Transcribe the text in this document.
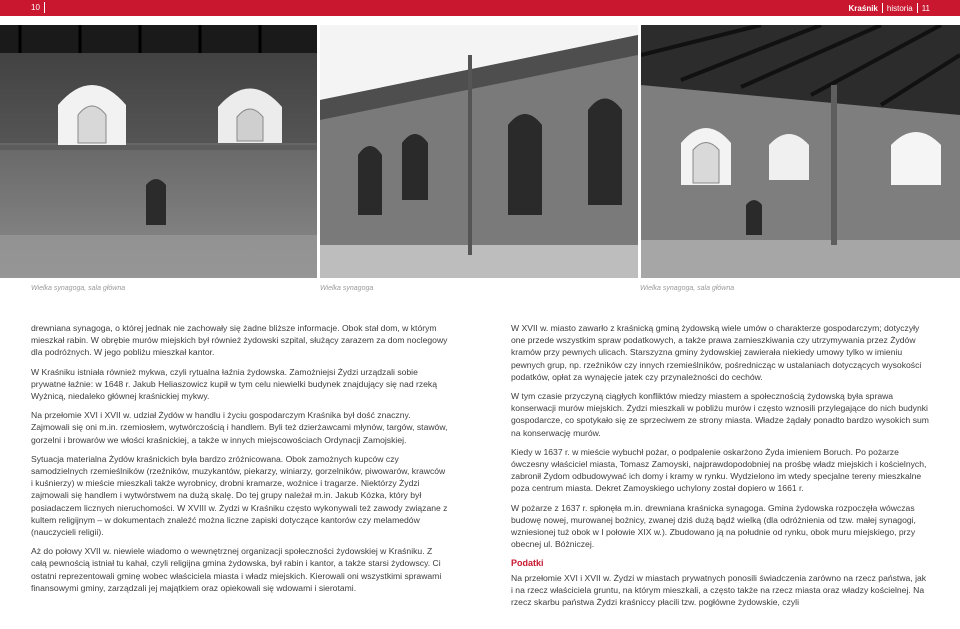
10	Kraśnik historia 11
Wielka synagoga, sala główna	Wielka synagoga	Wielka synagoga, sala główna

drewniana synagoga, o której jednak nie zachowały się żadne bliższe informacje. Obok stał dom, w którym mieszkał rabin. W obrębie murów miejskich był również żydowski szpital, służący zarazem za dom noclegowy dla podróżnych. W jego pobliżu mieszkał kantor.

W Kraśniku istniała również mykwa, czyli rytualna łaźnia żydowska. Zamożniejsi Żydzi urządzali sobie prywatne łaźnie: w 1648 r. Jakub Heliaszowicz kupił w tym celu niewielki budynek znajdujący się nad rzeką Wyżnicą, niedaleko głównej kraśnickiej mykwy.

Na przełomie XVI i XVII w. udział Żydów w handlu i życiu gospodarczym Kraśnika był dość znaczny. Zajmowali się oni m.in. rzemiosłem, wytwórczością i handlem. Byli też dzierżawcami młynów, targów, stawów, gorzelni i browarów we włości kraśnickiej, a także w innych miejscowościach Ordynacji Zamojskiej.

Sytuacja materialna Żydów kraśnickich była bardzo zróżnicowana. Obok zamożnych kupców czy samodzielnych rzemieślników (rzeźników, muzykantów, piekarzy, winiarzy, gorzelników, piwowarów, krawców i kuśnierzy) w mieście mieszkali także wyrobnicy, drobni kramarze, woźnice i tragarze. Niektórzy Żydzi zajmowali się handlem i wytwórstwem na dużą skalę. Do tej grupy należał m.in. Jakub Kózka, który był posiadaczem licznych nieruchomości. W XVIII w. Żydzi w Kraśniku często wykonywali też zawody związane z kultem religijnym – w dokumentach znaleźć można liczne zapiski dotyczące kantorów czy melamedów (nauczycieli religii).

Aż do połowy XVII w. niewiele wiadomo o wewnętrznej organizacji społeczności żydowskiej w Kraśniku. Z całą pewnością istniał tu kahał, czyli religijna gmina żydowska, był rabin i kantor, a także starsi żydowscy. Ci ostatni reprezentowali gminę wobec właściciela miasta i władz miejskich. Kierowali oni wszystkimi sprawami finansowymi gminy, zarządzali jej majątkiem oraz opiekowali się wdowami i sierotami.

W XVII w. miasto zawarło z kraśnicką gminą żydowską wiele umów o charakterze gospodarczym; dotyczyły one przede wszystkim spraw podatkowych, a także prawa zamieszkiwania czy utrzymywania przez Żydów kramów przy pewnych ulicach. Starszyzna gminy żydowskiej zawierała niekiedy umowy tylko w imieniu pewnych grup, np. rzeźników czy innych rzemieślników, pośrednicząc w ustalaniach dotyczących wysokości podatków, opłat za wynajęcie jatek czy przynależności do cechów.

W tym czasie przyczyną ciągłych konfliktów miedzy miastem a społecznością żydowską była sprawa konserwacji murów miejskich. Żydzi mieszkali w pobliżu murów i często wznosili przylegające do nich budynki gospodarcze, co spotykało się ze sprzeciwem ze strony miasta. Władze żądały ponadto bardzo wysokich sum na konserwację murów.

Kiedy w 1637 r. w mieście wybuchł pożar, o podpalenie oskarżono Żyda imieniem Boruch. Po pożarze ówczesny właściciel miasta, Tomasz Zamoyski, najprawdopodobniej na prośbę władz miejskich i kościelnych, zabronił Żydom odbudowywać ich domy i kramy w rynku. Wydzielono im wtedy specjalne tereny mieszkalne poza centrum miasta. Dekret Zamoyskiego uchylony został dopiero w 1661 r.

W pożarze z 1637 r. spłonęła m.in. drewniana kraśnicka synagoga. Gmina żydowska rozpoczęła wówczas budowę nowej, murowanej bożnicy, zwanej dziś dużą bądź wielką (dla odróżnienia od tzw. małej synagogi, wzniesionej tuż obok w I połowie XIX w.). Zbudowano ją na południe od rynku, obok muru miejskiego, przy obecnej ul. Bóżniczej.

Podatki

Na przełomie XVI i XVII w. Żydzi w miastach prywatnych ponosili świadczenia zarówno na rzecz państwa, jak i na rzecz właściciela gruntu, na którym mieszkali, a często także na rzecz miasta oraz władzy kościelnej. Na rzecz skarbu państwa Żydzi kraśniccy płacili tzw. pogłówne żydowskie, czyli
